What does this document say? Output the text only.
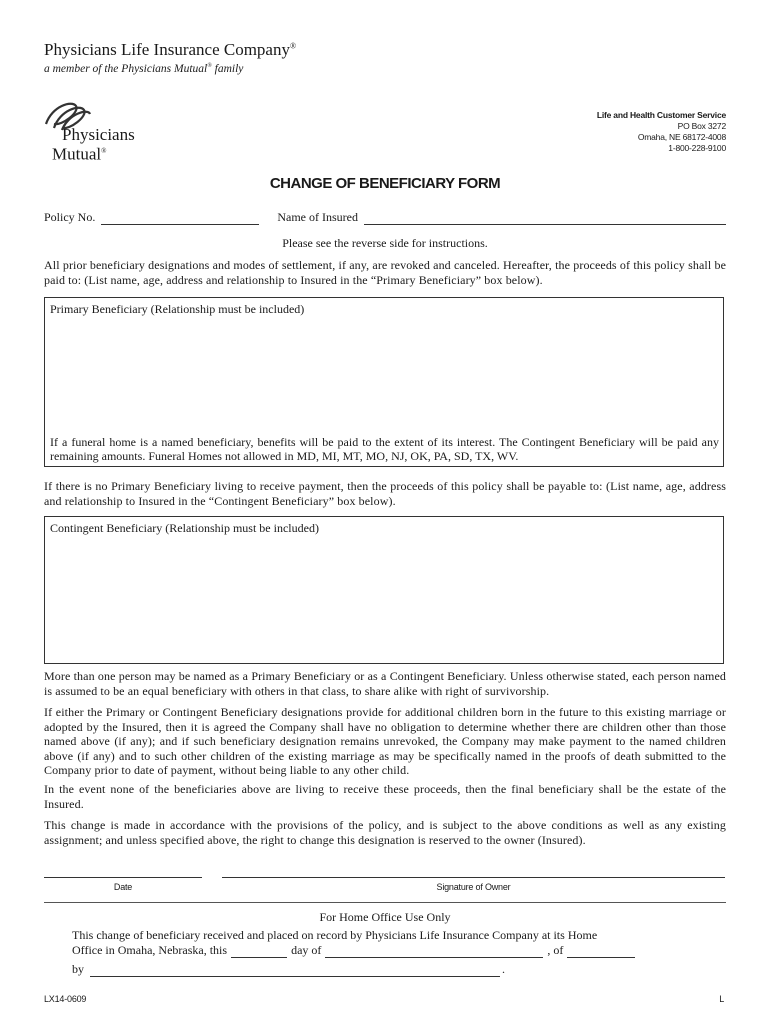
Physicians Life Insurance Company®
a member of the Physicians Mutual® family
Physicians
Mutual®
Life and Health Customer Service
PO Box 3272
Omaha, NE 68172-4008
1-800-228-9100
CHANGE OF BENEFICIARY FORM
Policy No.	Name of Insured
Please see the reverse side for instructions.
All prior beneficiary designations and modes of settlement, if any, are revoked and canceled. Hereafter, the proceeds of this policy shall be paid to: (List name, age, address and relationship to Insured in the “Primary Beneficiary” box below).
Primary Beneficiary (Relationship must be included)
If a funeral home is a named beneficiary, benefits will be paid to the extent of its interest. The Contingent Beneficiary will be paid any remaining amounts. Funeral Homes not allowed in MD, MI, MT, MO, NJ, OK, PA, SD, TX, WV.
If there is no Primary Beneficiary living to receive payment, then the proceeds of this policy shall be payable to: (List name, age, address and relationship to Insured in the “Contingent Beneficiary” box below).
Contingent Beneficiary (Relationship must be included)
More than one person may be named as a Primary Beneficiary or as a Contingent Beneficiary. Unless otherwise stated, each person named is assumed to be an equal beneficiary with others in that class, to share alike with right of survivorship.
If either the Primary or Contingent Beneficiary designations provide for additional children born in the future to this existing marriage or adopted by the Insured, then it is agreed the Company shall have no obligation to determine whether there are children other than those named above (if any); and if such beneficiary designation remains unrevoked, the Company may make payment to the named children above (if any) and to such other children of the existing marriage as may be specifically named in the proofs of death submitted to the Company prior to date of payment, without being liable to any other child.
In the event none of the beneficiaries above are living to receive these proceeds, then the final beneficiary shall be the estate of the Insured.
This change is made in accordance with the provisions of the policy, and is subject to the above conditions as well as any existing assignment; and unless specified above, the right to change this designation is reserved to the owner (Insured).
Date	Signature of Owner
For Home Office Use Only
This change of beneficiary received and placed on record by Physicians Life Insurance Company at its Home
Office in Omaha, Nebraska, this	day of	, of
by	.
LX14-0609	L
